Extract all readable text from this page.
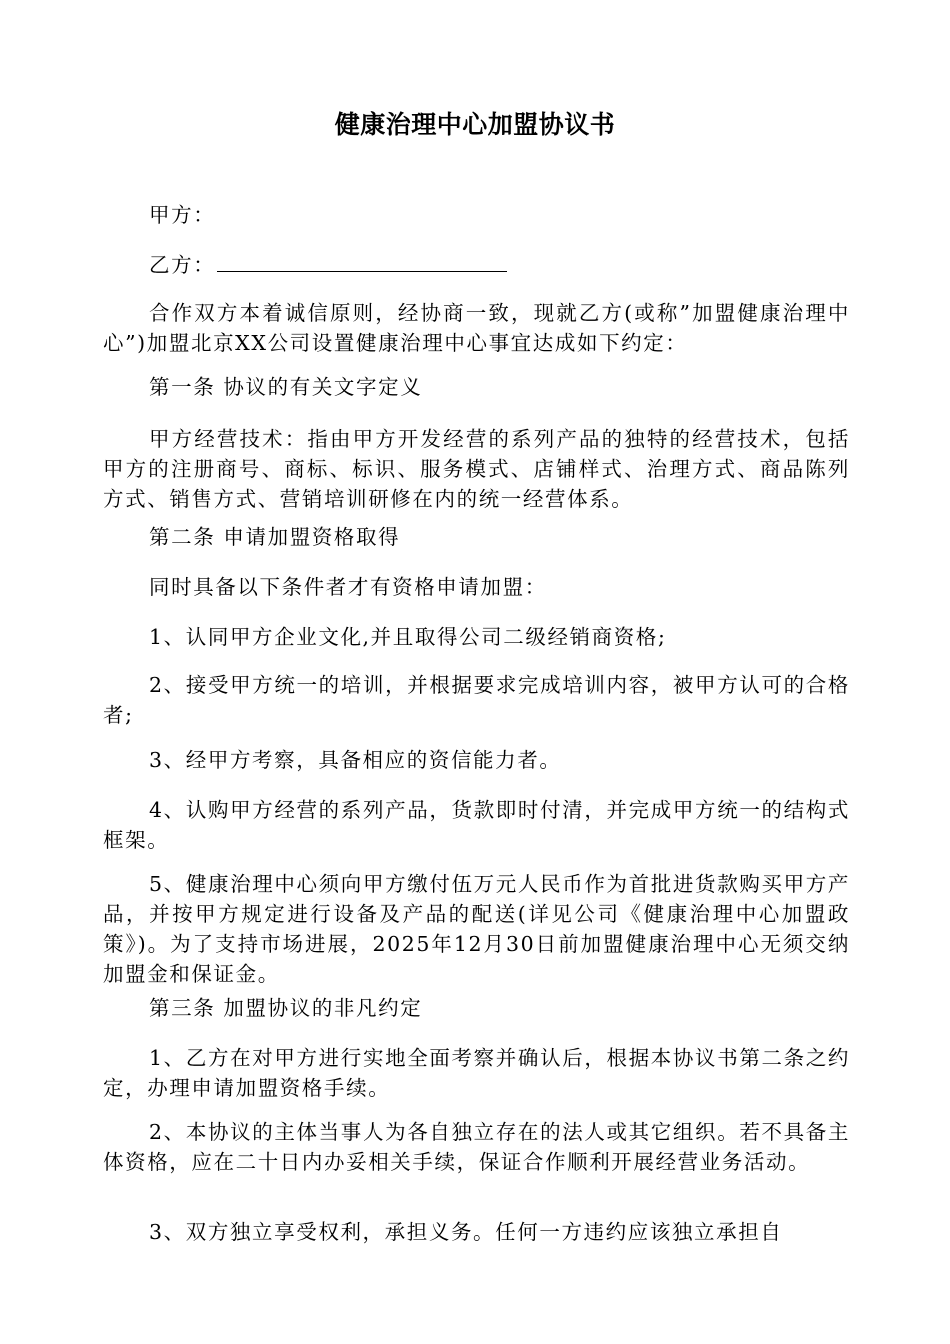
健康治理中心加盟协议书

甲方：

乙方：

合作双方本着诚信原则，经协商一致，现就乙方(或称”加盟健康治理中心”)加盟北京XX公司设置健康治理中心事宜达成如下约定：

第一条 协议的有关文字定义

甲方经营技术：指由甲方开发经营的系列产品的独特的经营技术，包括甲方的注册商号、商标、标识、服务模式、店铺样式、治理方式、商品陈列方式、销售方式、营销培训研修在内的统一经营体系。

第二条 申请加盟资格取得

同时具备以下条件者才有资格申请加盟：

1、认同甲方企业文化,并且取得公司二级经销商资格;

2、接受甲方统一的培训，并根据要求完成培训内容，被甲方认可的合格者;

3、经甲方考察，具备相应的资信能力者。

4、认购甲方经营的系列产品，货款即时付清，并完成甲方统一的结构式框架。

5、健康治理中心须向甲方缴付伍万元人民币作为首批进货款购买甲方产品，并按甲方规定进行设备及产品的配送(详见公司《健康治理中心加盟政策》)。为了支持市场进展，2025年12月30日前加盟健康治理中心无须交纳加盟金和保证金。

第三条 加盟协议的非凡约定

1、乙方在对甲方进行实地全面考察并确认后，根据本协议书第二条之约定，办理申请加盟资格手续。

2、本协议的主体当事人为各自独立存在的法人或其它组织。若不具备主体资格，应在二十日内办妥相关手续，保证合作顺利开展经营业务活动。

3、双方独立享受权利，承担义务。任何一方违约应该独立承担自
